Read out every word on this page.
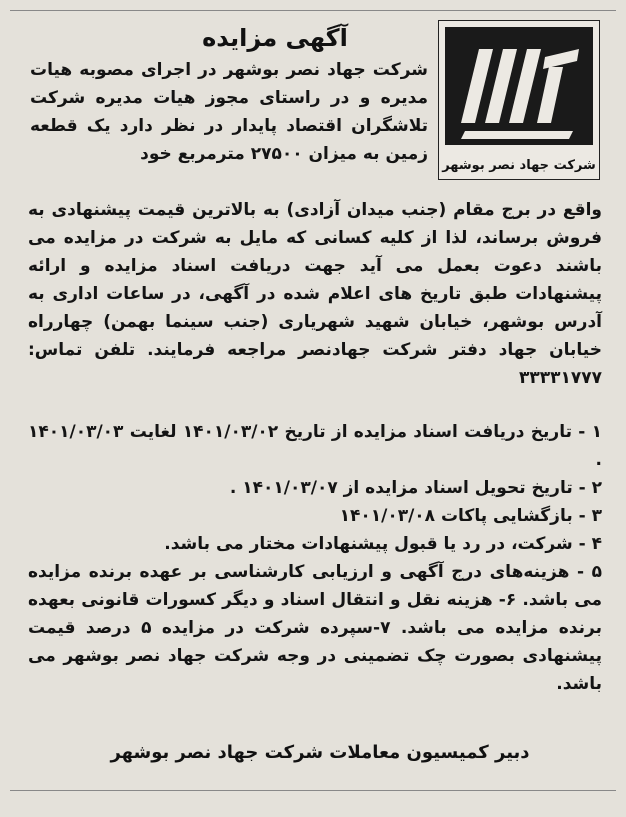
آگهی مزایده
شرکت جهاد نصر بوشهر

شرکت جهاد نصر بوشهر در اجرای مصوبه هیات مدیره و در راستای مجوز هیات مدیره شرکت تلاشگران اقتصاد پایدار در نظر دارد یک قطعه زمین به میزان ۲۷۵۰۰ مترمربع خود

واقع در برج مقام (جنب میدان آزادی) به بالاترین قیمت پیشنهادی به فروش برساند، لذا از کلیه کسانی که مایل به شرکت در مزایده می باشند دعوت بعمل می آید جهت دریافت اسناد مزایده و ارائه پیشنهادات طبق تاریخ های اعلام شده در آگهی، در ساعات اداری به آدرس بوشهر، خیابان شهید شهریاری (جنب سینما بهمن) چهارراه خیابان جهاد دفتر شرکت جهادنصر مراجعه فرمایند. تلفن تماس: ۳۳۳۳۱۷۷۷

۱ - تاریخ دریافت اسناد مزایده از تاریخ ۱۴۰۱/۰۳/۰۲ لغایت ۱۴۰۱/۰۳/۰۳ .

۲ - تاریخ تحویل اسناد مزایده از ۱۴۰۱/۰۳/۰۷ .

۳ - بازگشایی پاکات ۱۴۰۱/۰۳/۰۸

۴ - شرکت، در رد یا قبول پیشنهادات مختار می باشد.

۵ - هزینه‌های درج آگهی و ارزیابی کارشناسی بر عهده برنده مزایده می باشد. ۶- هزینه نقل و انتقال اسناد و دیگر کسورات قانونی بعهده برنده مزایده می باشد. ۷-سپرده شرکت در مزایده ۵ درصد قیمت پیشنهادی بصورت چک تضمینی در وجه شرکت جهاد نصر بوشهر می باشد.

دبیر کمیسیون معاملات شرکت جهاد نصر بوشهر
